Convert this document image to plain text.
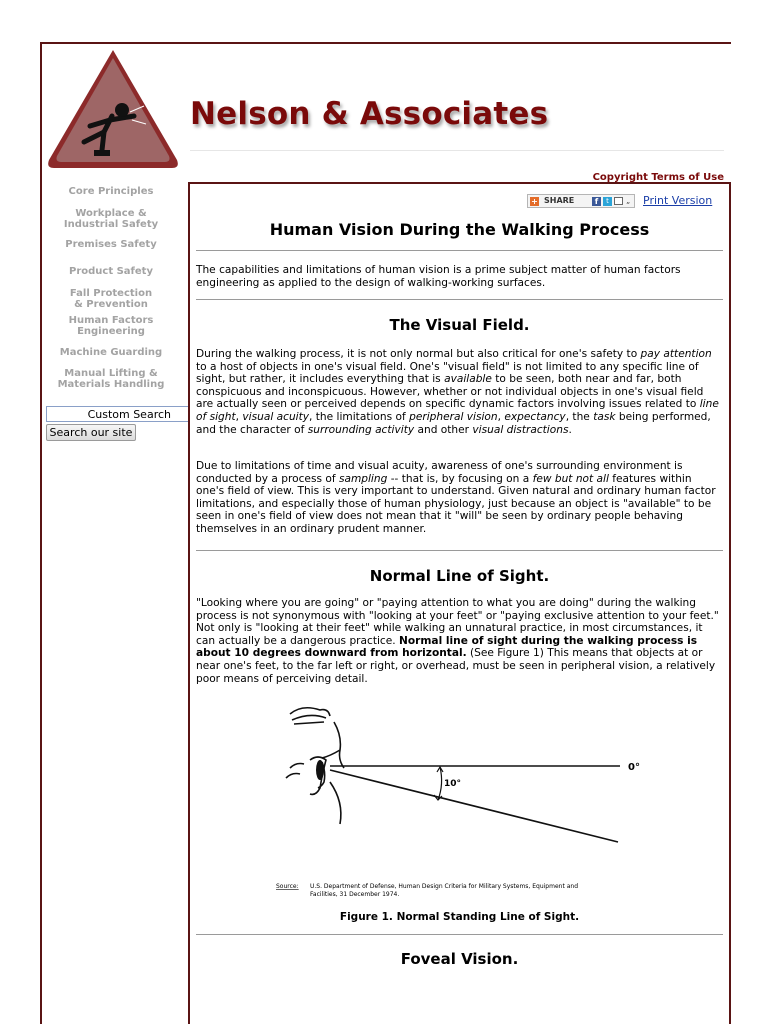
Nelson & Associates
Copyright Terms of Use
Core Principles
Workplace &
Industrial Safety
Premises Safety
Product Safety
Fall Protection
& Prevention
Human Factors
Engineering
Machine Guarding
Manual Lifting &
Materials Handling
Custom Search
Search our site
+ SHARE	f	t	„ Print Version
Human Vision During the Walking Process

The capabilities and limitations of human vision is a prime subject matter of human factors engineering as applied to the design of walking-working surfaces.

The Visual Field.

During the walking process, it is not only normal but also critical for one's safety to pay attention to a host of objects in one's visual field. One's "visual field" is not limited to any specific line of sight, but rather, it includes everything that is available to be seen, both near and far, both conspicuous and inconspicuous. However, whether or not individual objects in one's visual field are actually seen or perceived depends on specific dynamic factors involving issues related to line of sight, visual acuity, the limitations of peripheral vision, expectancy, the task being performed, and the character of surrounding activity and other visual distractions.

Due to limitations of time and visual acuity, awareness of one's surrounding environment is conducted by a process of sampling -- that is, by focusing on a few but not all features within one's field of view. This is very important to understand. Given natural and ordinary human factor limitations, and especially those of human physiology, just because an object is "available" to be seen in one's field of view does not mean that it "will" be seen by ordinary people behaving themselves in an ordinary prudent manner.

Normal Line of Sight.

"Looking where you are going" or "paying attention to what you are doing" during the walking process is not synonymous with "looking at your feet" or "paying exclusive attention to your feet." Not only is "looking at their feet" while walking an unnatural practice, in most circumstances, it can actually be a dangerous practice. Normal line of sight during the walking process is about 10 degrees downward from horizontal. (See Figure 1) This means that objects at or near one's feet, to the far left or right, or overhead, must be seen in peripheral vision, a relatively poor means of perceiving detail.

10°
0°
Source: U.S. Department of Defense, Human Design Criteria for Military Systems, Equipment and
Facilities, 31 December 1974.
Figure 1. Normal Standing Line of Sight.
Foveal Vision.
